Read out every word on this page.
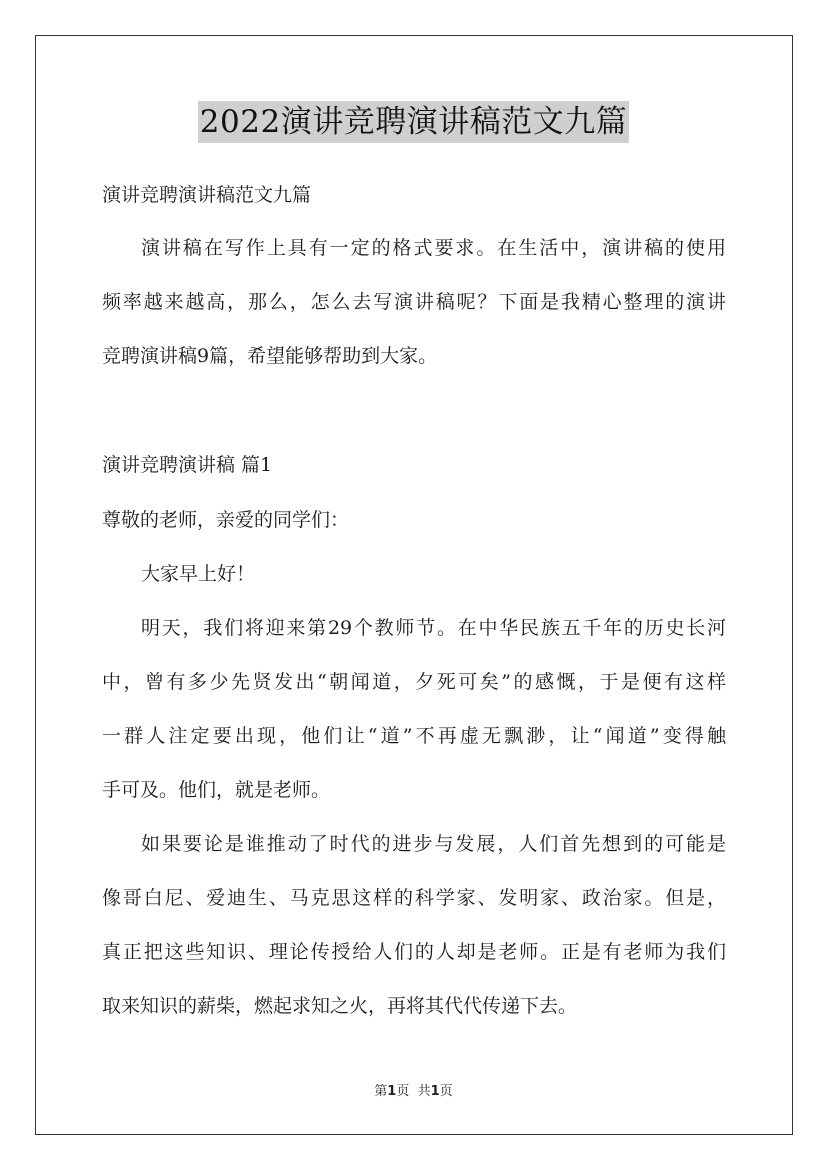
2022演讲竞聘演讲稿范文九篇
演讲竞聘演讲稿范文九篇
演讲稿在写作上具有一定的格式要求。在生活中，演讲稿的使用
频率越来越高，那么，怎么去写演讲稿呢？下面是我精心整理的演讲
竞聘演讲稿9篇，希望能够帮助到大家。
演讲竞聘演讲稿 篇1
尊敬的老师，亲爱的同学们：
大家早上好！
明天，我们将迎来第29个教师节。在中华民族五千年的历史长河
中，曾有多少先贤发出“朝闻道，夕死可矣”的感慨，于是便有这样
一群人注定要出现，他们让“道”不再虚无飘渺，让“闻道”变得触
手可及。他们，就是老师。
如果要论是谁推动了时代的进步与发展，人们首先想到的可能是
像哥白尼、爱迪生、马克思这样的科学家、发明家、政治家。但是，
真正把这些知识、理论传授给人们的人却是老师。正是有老师为我们
取来知识的薪柴，燃起求知之火，再将其代代传递下去。
第1页 共1页
